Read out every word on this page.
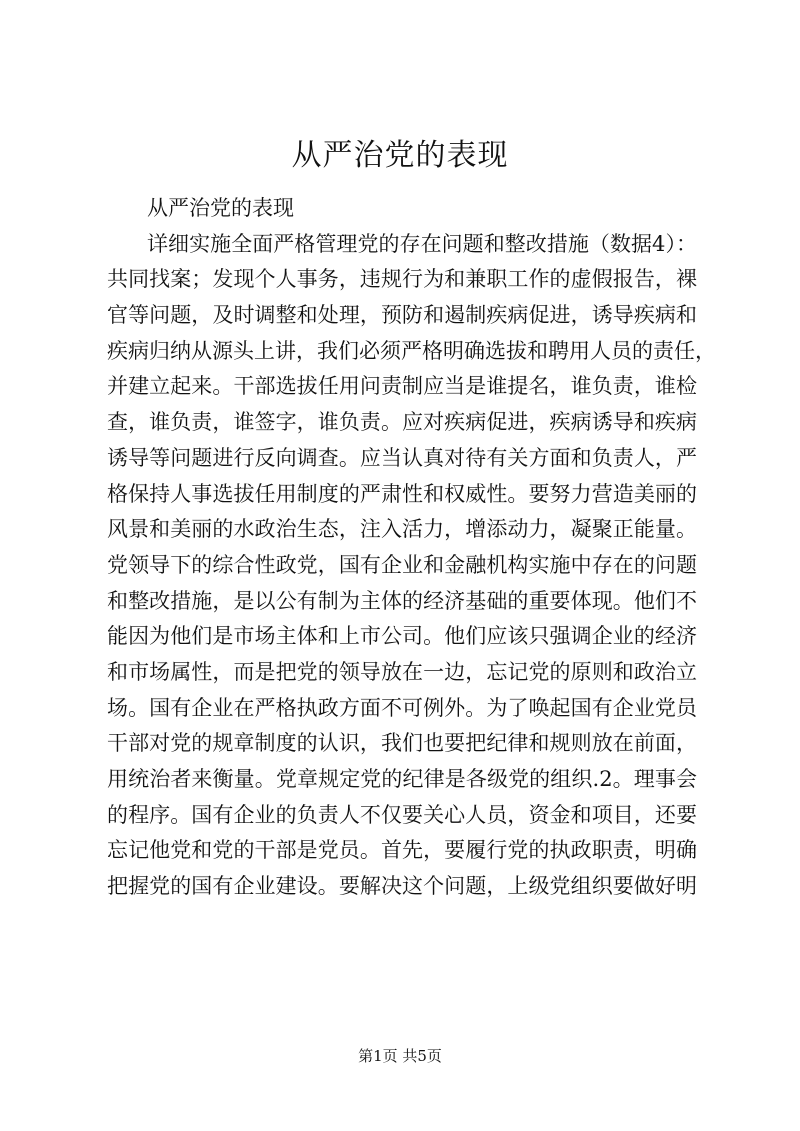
从严治党的表现
从严治党的表现
详细实施全面严格管理党的存在问题和整改措施（数据4）：
共同找案；发现个人事务，违规行为和兼职工作的虚假报告，裸
官等问题，及时调整和处理，预防和遏制疾病促进，诱导疾病和
疾病归纳从源头上讲，我们必须严格明确选拔和聘用人员的责任，
并建立起来。干部选拔任用问责制应当是谁提名，谁负责，谁检
查，谁负责，谁签字，谁负责。应对疾病促进，疾病诱导和疾病
诱导等问题进行反向调查。应当认真对待有关方面和负责人，严
格保持人事选拔任用制度的严肃性和权威性。要努力营造美丽的
风景和美丽的水政治生态，注入活力，增添动力，凝聚正能量。
党领导下的综合性政党，国有企业和金融机构实施中存在的问题
和整改措施，是以公有制为主体的经济基础的重要体现。他们不
能因为他们是市场主体和上市公司。他们应该只强调企业的经济
和市场属性，而是把党的领导放在一边，忘记党的原则和政治立
场。国有企业在严格执政方面不可例外。为了唤起国有企业党员
干部对党的规章制度的认识，我们也要把纪律和规则放在前面，
用统治者来衡量。党章规定党的纪律是各级党的组织.2。理事会
的程序。国有企业的负责人不仅要关心人员，资金和项目，还要
忘记他党和党的干部是党员。首先，要履行党的执政职责，明确
把握党的国有企业建设。要解决这个问题，上级党组织要做好明
第1页 共5页
